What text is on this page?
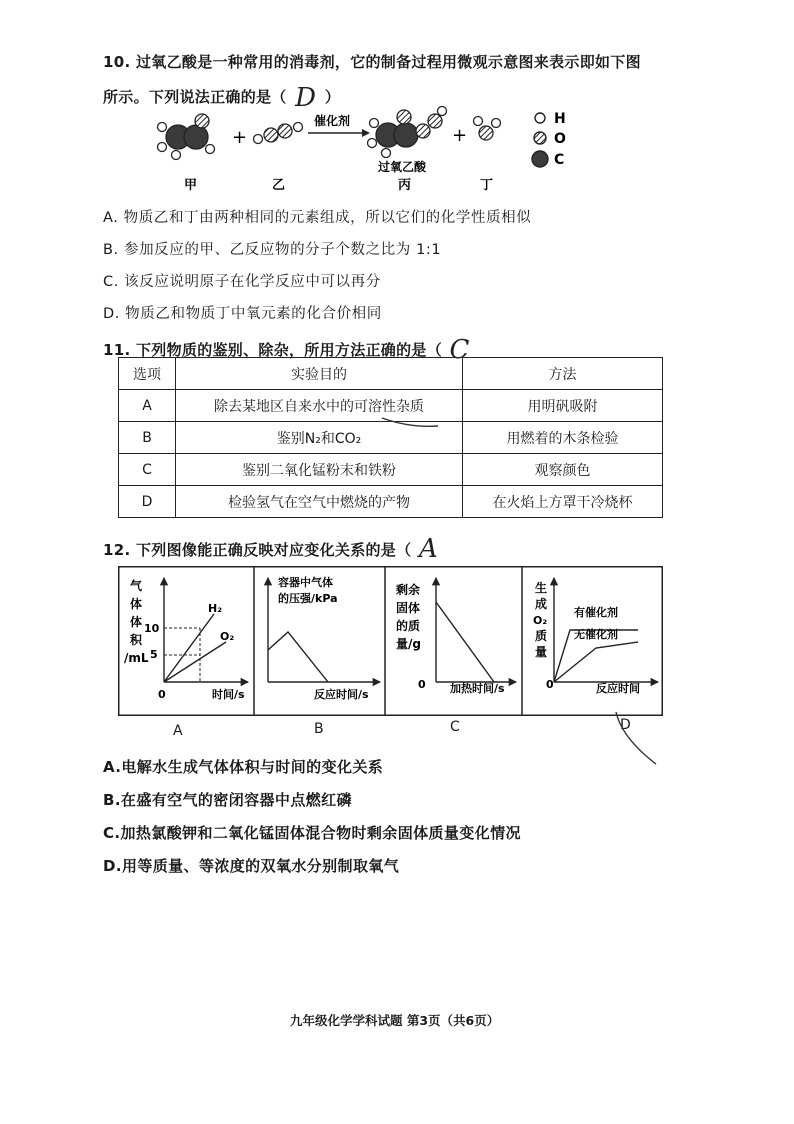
10. 过氧乙酸是一种常用的消毒剂，它的制备过程用微观示意图来表示即如下图
所示。下列说法正确的是（ D ）
+
催化剂
过氧乙酸
+
甲	乙	丙	丁
H
O
C
A. 物质乙和丁由两种相同的元素组成，所以它们的化学性质相似
B. 参加反应的甲、乙反应物的分子个数之比为 1:1
C. 该反应说明原子在化学反应中可以再分
D. 物质乙和物质丁中氧元素的化合价相同
11. 下列物质的鉴别、除杂，所用方法正确的是（ C
选项	实验目的	方法
A	除去某地区自来水中的可溶性杂质	用明矾吸附
B	鉴别N₂和CO₂	用燃着的木条检验
C	鉴别二氧化锰粉末和铁粉	观察颜色
D	检验氢气在空气中燃烧的产物	在火焰上方罩干冷烧杯
12. 下列图像能正确反映对应变化关系的是（ A
气
体
体
积
/mL
10
5
H₂
O₂
0	时间/s
容器中气体
的压强/kPa
反应时间/s
剩余
固体
的质
量/g
0 加热时间/s
生
成
O₂
质
量
有催化剂
无催化剂
0	反应时间
A	B	C	D
A.电解水生成气体体积与时间的变化关系
B.在盛有空气的密闭容器中点燃红磷
C.加热氯酸钾和二氧化锰固体混合物时剩余固体质量变化情况
D.用等质量、等浓度的双氧水分别制取氧气
九年级化学学科试题 第3页（共6页）
